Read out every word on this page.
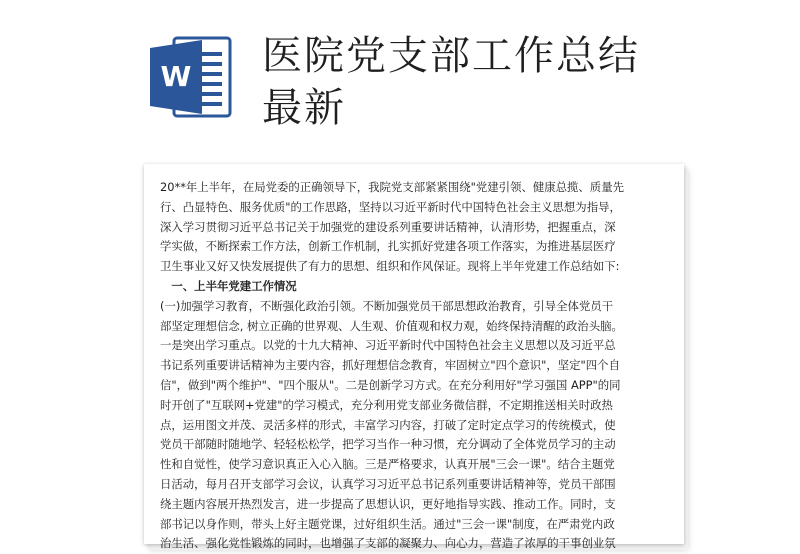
W 医院党支部工作总结
最新
20**年上半年，在局党委的正确领导下，我院党支部紧紧围绕"党建引领、健康总揽、质量先
行、凸显特色、服务优质"的工作思路，坚持以习近平新时代中国特色社会主义思想为指导，
深入学习贯彻习近平总书记关于加强党的建设系列重要讲话精神，认清形势，把握重点，深
学实做，不断探索工作方法，创新工作机制，扎实抓好党建各项工作落实，为推进基层医疗
卫生事业又好又快发展提供了有力的思想、组织和作风保证。现将上半年党建工作总结如下:
　一、上半年党建工作情况
(一)加强学习教育，不断强化政治引领。不断加强党员干部思想政治教育，引导全体党员干
部坚定理想信念, 树立正确的世界观、人生观、价值观和权力观，始终保持清醒的政治头脑。
一是突出学习重点。以党的十九大精神、习近平新时代中国特色社会主义思想以及习近平总
书记系列重要讲话精神为主要内容，抓好理想信念教育，牢固树立"四个意识"，坚定"四个自
信"，做到"两个维护"、"四个服从"。二是创新学习方式。在充分利用好"学习强国 APP"的同
时开创了"互联网+党建"的学习模式，充分利用党支部业务微信群，不定期推送相关时政热
点，运用图文并茂、灵活多样的形式，丰富学习内容，打破了定时定点学习的传统模式，使
党员干部随时随地学、轻轻松松学，把学习当作一种习惯，充分调动了全体党员学习的主动
性和自觉性，使学习意识真正入心入脑。三是严格要求，认真开展"三会一课"。结合主题党
日活动，每月召开支部学习会议，认真学习习近平总书记系列重要讲话精神等，党员干部围
绕主题内容展开热烈发言，进一步提高了思想认识，更好地指导实践、推动工作。同时，支
部书记以身作则，带头上好主题党课，过好组织生活。通过"三会一课"制度，在严肃党内政
治生活、强化党性锻炼的同时，也增强了支部的凝聚力、向心力，营造了浓厚的干事创业氛
